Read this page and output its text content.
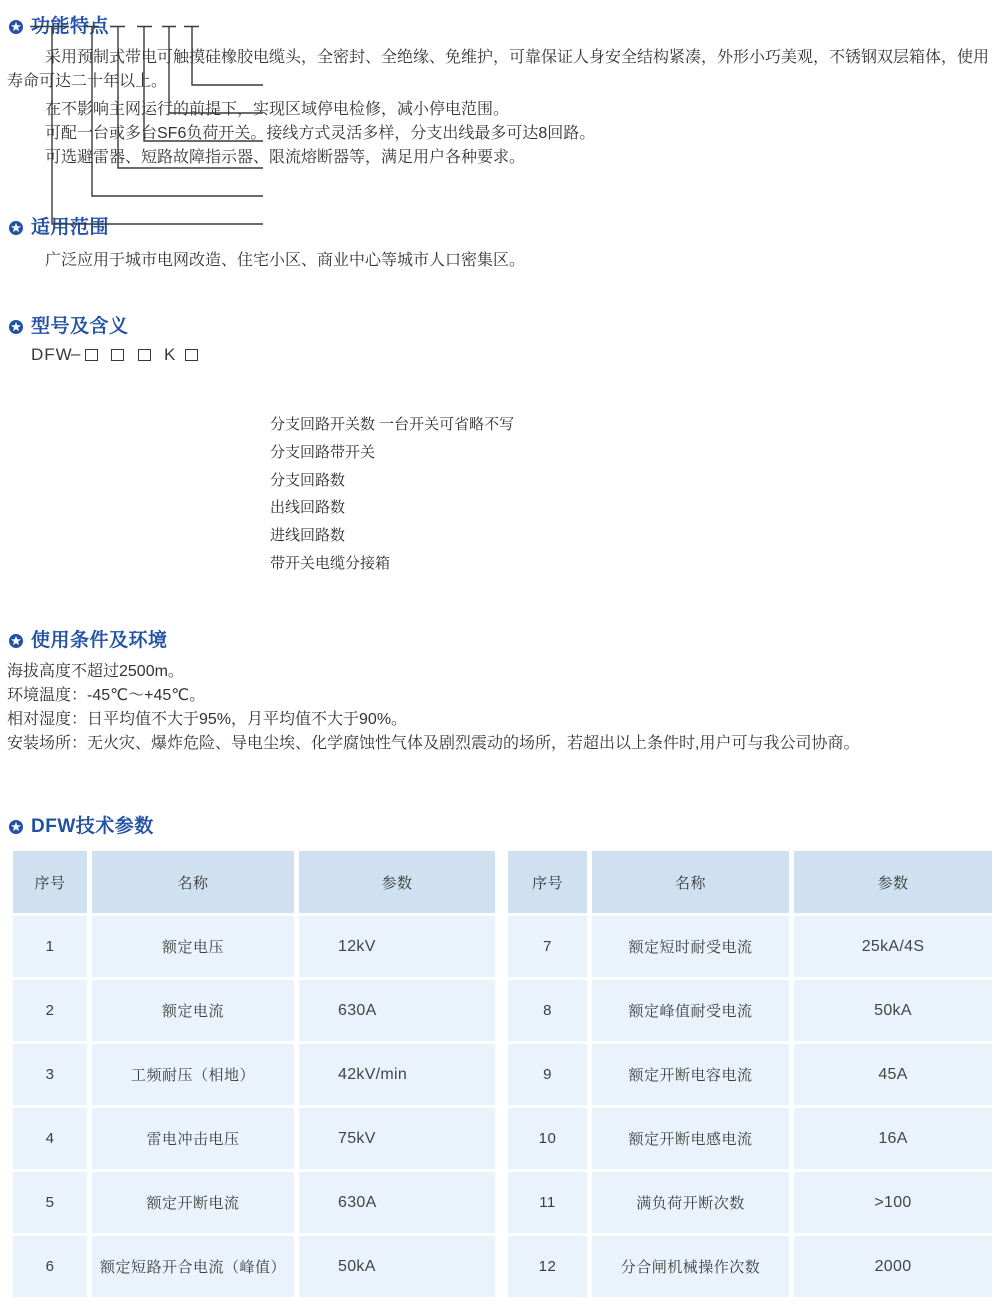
功能特点

采用预制式带电可触摸硅橡胶电缆头，全密封、全绝缘、免维护，可靠保证人身安全结构紧凑，外形小巧美观，不锈钢双层箱体，使用寿命可达二十年以上。

在不影响主网运行的前提下，实现区域停电检修，减小停电范围。

可配一台或多台SF6负荷开关。接线方式灵活多样，分支出线最多可达8回路。

可选避雷器、短路故障指示器、限流熔断器等，满足用户各种要求。

适用范围

广泛应用于城市电网改造、住宅小区、商业中心等城市人口密集区。

型号及含义
DFW
–	K
分支回路开关数 一台开关可省略不写
分支回路带开关
分支回路数
出线回路数
进线回路数
带开关电缆分接箱
使用条件及环境

海拔高度不超过2500m。

环境温度：-45℃～+45℃。

相对湿度：日平均值不大于95%，月平均值不大于90%。

安装场所：无火灾、爆炸危险、导电尘埃、化学腐蚀性气体及剧烈震动的场所，若超出以上条件时,用户可与我公司协商。

DFW技术参数
序号	名称	参数
1	额定电压	12kV
2	额定电流	630A
3	工频耐压（相地）	42kV/min
4	雷电冲击电压	75kV
5	额定开断电流	630A
6	额定短路开合电流（峰值）	50kA
序号	名称	参数
7	额定短时耐受电流	25kA/4S
8	额定峰值耐受电流	50kA
9	额定开断电容电流	45A
10	额定开断电感电流	16A
11	满负荷开断次数	>100
12	分合闸机械操作次数	2000
